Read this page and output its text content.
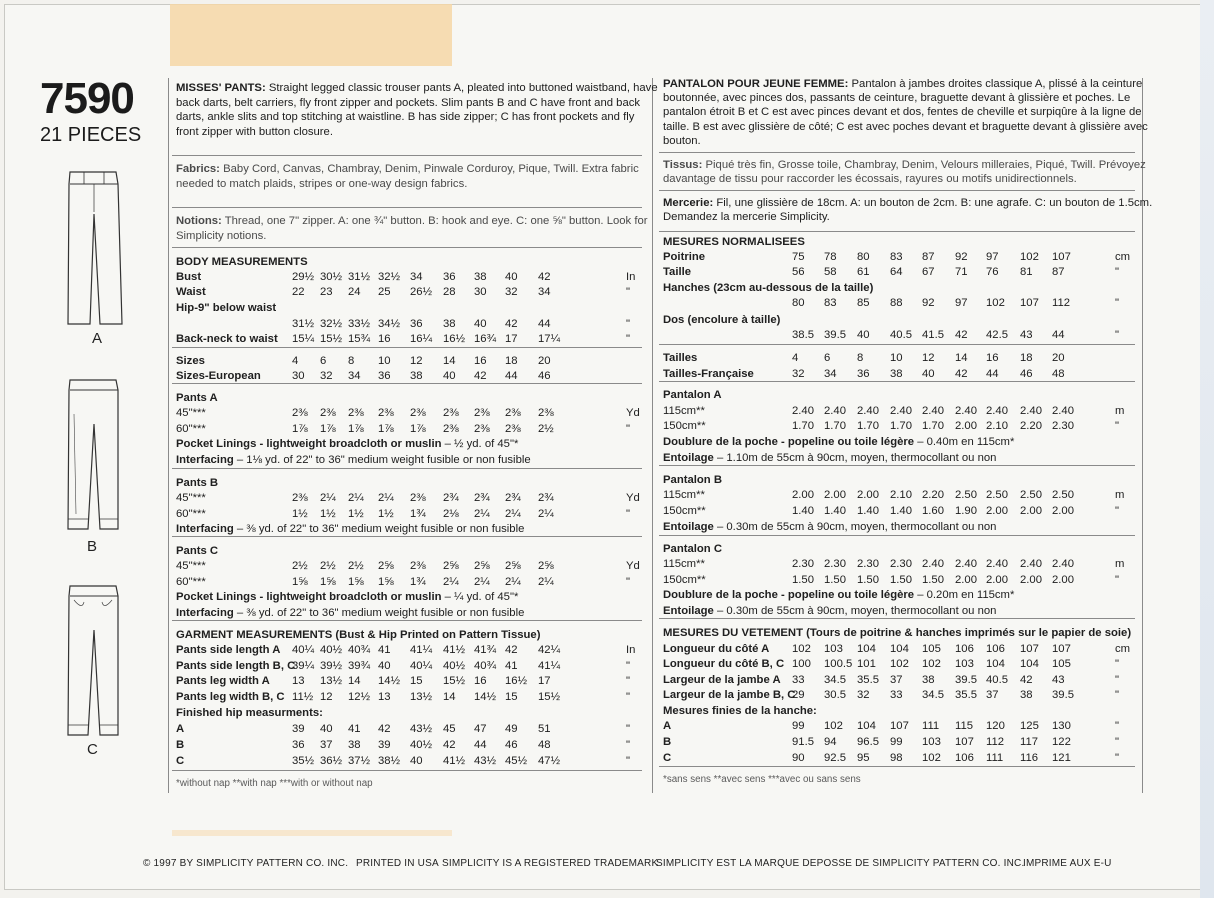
7590
21 PIECES
A
B
C
© 1997 BY SIMPLICITY PATTERN CO. INC. PRINTED IN USA SIMPLICITY IS A REGISTERED TRADEMARK
SIMPLICITY EST LA MARQUE DEPOSSE DE SIMPLICITY PATTERN CO. INC.
IMPRIME AUX E-U
MISSES' PANTS: Straight legged classic trouser pants A, pleated into buttoned waistband, have
back darts, belt carriers, fly front zipper and pockets. Slim pants B and C have front and back
darts, ankle slits and top stitching at waistline. B has side zipper; C has front pockets and fly
front zipper with button closure.
Fabrics: Baby Cord, Canvas, Chambray, Denim, Pinwale Corduroy, Pique, Twill. Extra fabric
needed to match plaids, stripes or one-way design fabrics.
Notions: Thread, one 7" zipper. A: one ¾" button. B: hook and eye. C: one ⅝" button. Look for
Simplicity notions.
BODY MEASUREMENTS
Bust	29½ 30½ 31½ 32½ 34 36 38 40 42	In
Waist	22 23 24 25 26½ 28 30 32 34	"
Hip-9" below waist
31½ 32½ 33½ 34½ 36 38 40 42 44	"
Back-neck to waist 15¼ 15½ 15¾ 16 16¼ 16½ 16¾ 17 17¼	"
Sizes	4 6 8 10 12 14 16 18 20
Sizes-European	30 32 34 36 38 40 42 44 46
Pants A
45"***	2⅜ 2⅜ 2⅜ 2⅜ 2⅜ 2⅜ 2⅜ 2⅜ 2⅜	Yd
60"***	1⅞ 1⅞ 1⅞ 1⅞ 1⅞ 2⅜ 2⅜ 2⅜ 2½	"
Pocket Linings - lightweight broadcloth or muslin – ½ yd. of 45"*
Interfacing – 1⅛ yd. of 22" to 36" medium weight fusible or non fusible
Pants B
45"***	2⅜ 2¼ 2¼ 2¼ 2⅜ 2¾ 2¾ 2¾ 2¾	Yd
60"***	1½ 1½ 1½ 1½ 1¾ 2⅛ 2¼ 2¼ 2¼	"
Interfacing – ⅜ yd. of 22" to 36" medium weight fusible or non fusible
Pants C
45"***	2½ 2½ 2½ 2⅝ 2⅜ 2⅝ 2⅝ 2⅝ 2⅝	Yd
60"***	1⅝ 1⅝ 1⅝ 1⅝ 1¾ 2¼ 2¼ 2¼ 2¼	"
Pocket Linings - lightweight broadcloth or muslin – ¼ yd. of 45"*
Interfacing – ⅜ yd. of 22" to 36" medium weight fusible or non fusible
GARMENT MEASUREMENTS (Bust & Hip Printed on Pattern Tissue)
Pants side length A 40¼ 40½ 40¾ 41 41¼ 41½ 41¾ 42 42¼	In
Pants side length B, C
39¼ 39½ 39¾ 40 40¼ 40½ 40¾ 41 41¼	"
Pants leg width A 13 13½ 14 14½ 15 15½ 16 16½ 17	"
Pants leg width B, C 11½ 12 12½ 13 13½ 14 14½ 15 15½	"
Finished hip measurments:
A	39 40 41 42 43½ 45 47 49 51	"
B	36 37 38 39 40½ 42 44 46 48	"
C	35½ 36½ 37½ 38½ 40 41½ 43½ 45½ 47½	"
*without nap **with nap ***with or without nap
PANTALON POUR JEUNE FEMME: Pantalon à jambes droites classique A, plissé à la ceinture
boutonnée, avec pinces dos, passants de ceinture, braguette devant à glissière et poches. Le
pantalon étroit B et C est avec pinces devant et dos, fentes de cheville et surpiqûre à la ligne de
taille. B est avec glissière de côté; C est avec poches devant et braguette devant à glissière avec
bouton.
Tissus: Piqué très fin, Grosse toile, Chambray, Denim, Velours milleraies, Piqué, Twill. Prévoyez
davantage de tissu pour raccorder les écossais, rayures ou motifs unidirectionnels.
Mercerie: Fil, une glissière de 18cm. A: un bouton de 2cm. B: une agrafe. C: un bouton de 1.5cm.
Demandez la mercerie Simplicity.
MESURES NORMALISEES
Poitrine	75 78 80 83 87 92 97 102 107	cm
Taille	56 58 61 64 67 71 76 81 87	"
Hanches (23cm au-dessous de la taille)
80 83 85 88 92 97 102 107 112	"
Dos (encolure à taille)
38.5 39.5 40 40.5 41.5 42 42.5 43 44	"
Tailles	4 6 8 10 12 14 16 18 20
Tailles-Française	32 34 36 38 40 42 44 46 48
Pantalon A
115cm**	2.40 2.40 2.40 2.40 2.40 2.40 2.40 2.40 2.40	m
150cm**	1.70 1.70 1.70 1.70 1.70 2.00 2.10 2.20 2.30	"
Doublure de la poche - popeline ou toile légère – 0.40m en 115cm*
Entoilage – 1.10m de 55cm à 90cm, moyen, thermocollant ou non
Pantalon B
115cm**	2.00 2.00 2.00 2.10 2.20 2.50 2.50 2.50 2.50	m
150cm**	1.40 1.40 1.40 1.40 1.60 1.90 2.00 2.00 2.00	"
Entoilage – 0.30m de 55cm à 90cm, moyen, thermocollant ou non
Pantalon C
115cm**	2.30 2.30 2.30 2.30 2.40 2.40 2.40 2.40 2.40	m
150cm**	1.50 1.50 1.50 1.50 1.50 2.00 2.00 2.00 2.00	"
Doublure de la poche - popeline ou toile légère – 0.20m en 115cm*
Entoilage – 0.30m de 55cm à 90cm, moyen, thermocollant ou non
MESURES DU VETEMENT (Tours de poitrine & hanches imprimés sur le papier de soie)
Longueur du côté A 102 103 104 104 105 106 106 107 107	cm
Longueur du côté B, C 100 100.5 101 102 102 103 104 104 105	"
Largeur de la jambe A 33 34.5 35.5 37 38 39.5 40.5 42 43	"
Largeur de la jambe B, C
29 30.5 32 33 34.5 35.5 37 38 39.5	"
Mesures finies de la hanche:
A	99 102 104 107 111 115 120 125 130	"
B	91.5 94 96.5 99 103 107 112 117 122	"
C	90 92.5 95 98 102 106 111 116 121	"
*sans sens **avec sens ***avec ou sans sens
